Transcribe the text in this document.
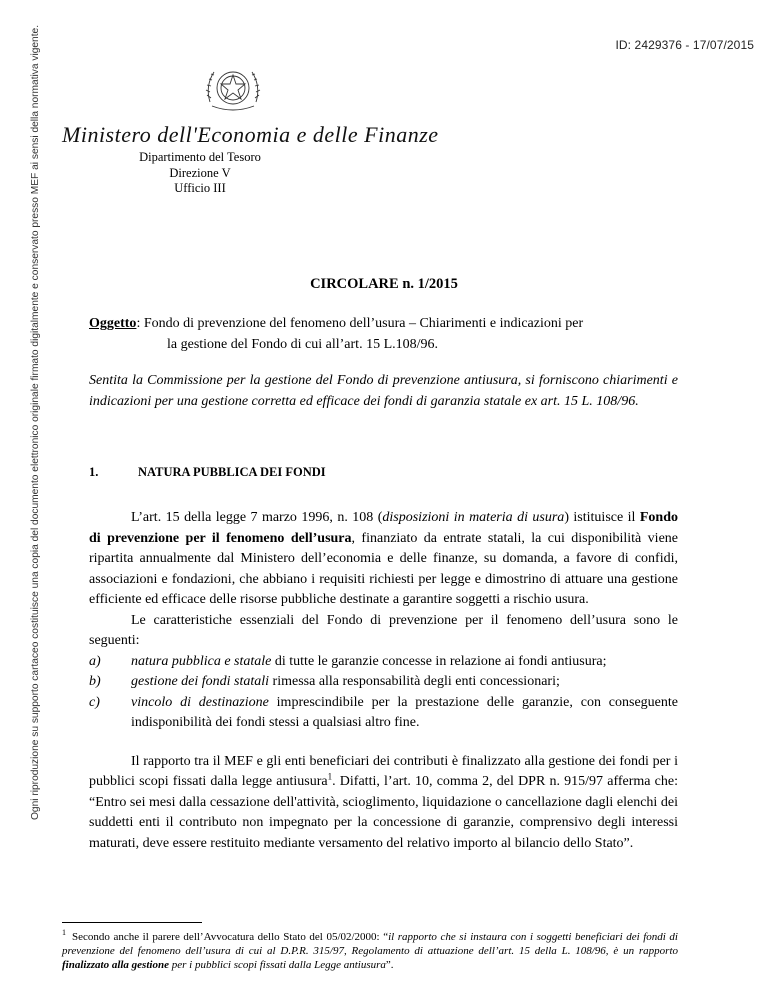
ID: 2429376 - 17/07/2015
Ogni riproduzione su supporto cartaceo costituisce una copia del documento elettronico originale firmato digitalmente e conservato presso MEF ai sensi della normativa vigente. Ministero dell'Economia e delle Finanze
Dipartimento del Tesoro
Direzione V
Ufficio III
CIRCOLARE n. 1/2015
Oggetto: Fondo di prevenzione del fenomeno dell’usura – Chiarimenti e indicazioni per
la gestione del Fondo di cui all’art. 15 L.108/96.
Sentita la Commissione per la gestione del Fondo di prevenzione antiusura, si forniscono chiarimenti e indicazioni per una gestione corretta ed efficace dei fondi di garanzia statale ex art. 15 L. 108/96.
1.	NATURA PUBBLICA DEI FONDI

L’art. 15 della legge 7 marzo 1996, n. 108 (disposizioni in materia di usura) istituisce il Fondo di prevenzione per il fenomeno dell’usura, finanziato da entrate statali, la cui disponibilità viene ripartita annualmente dal Ministero dell’economia e delle finanze, su domanda, a favore di confidi, associazioni e fondazioni, che abbiano i requisiti richiesti per legge e dimostrino di attuare una gestione efficiente ed efficace delle risorse pubbliche destinate a garantire soggetti a rischio usura.

Le caratteristiche essenziali del Fondo di prevenzione per il fenomeno dell’usura sono le seguenti:

a) natura pubblica e statale di tutte le garanzie concesse in relazione ai fondi antiusura;
b) gestione dei fondi statali rimessa alla responsabilità degli enti concessionari;
c) vincolo di destinazione imprescindibile per la prestazione delle garanzie, con conseguente indisponibilità dei fondi stessi a qualsiasi altro fine.

Il rapporto tra il MEF e gli enti beneficiari dei contributi è finalizzato alla gestione dei fondi per i pubblici scopi fissati dalla legge antiusura$^1$. Difatti, l’art. 10, comma 2, del DPR n. 915/97 afferma che: “Entro sei mesi dalla cessazione dell'attività, scioglimento, liquidazione o cancellazione dagli elenchi dei suddetti enti il contributo non impegnato per la concessione di garanzie, comprensivo degli interessi maturati, deve essere restituito mediante versamento del relativo importo al bilancio dello Stato”.

$^1$ Secondo anche il parere dell’Avvocatura dello Stato del 05/02/2000: “il rapporto che si instaura con i soggetti beneficiari dei fondi di prevenzione del fenomeno dell’usura di cui al D.P.R. 315/97, Regolamento di attuazione dell’art. 15 della L. 108/96, è un rapporto finalizzato alla gestione per i pubblici scopi fissati dalla Legge antiusura”.
